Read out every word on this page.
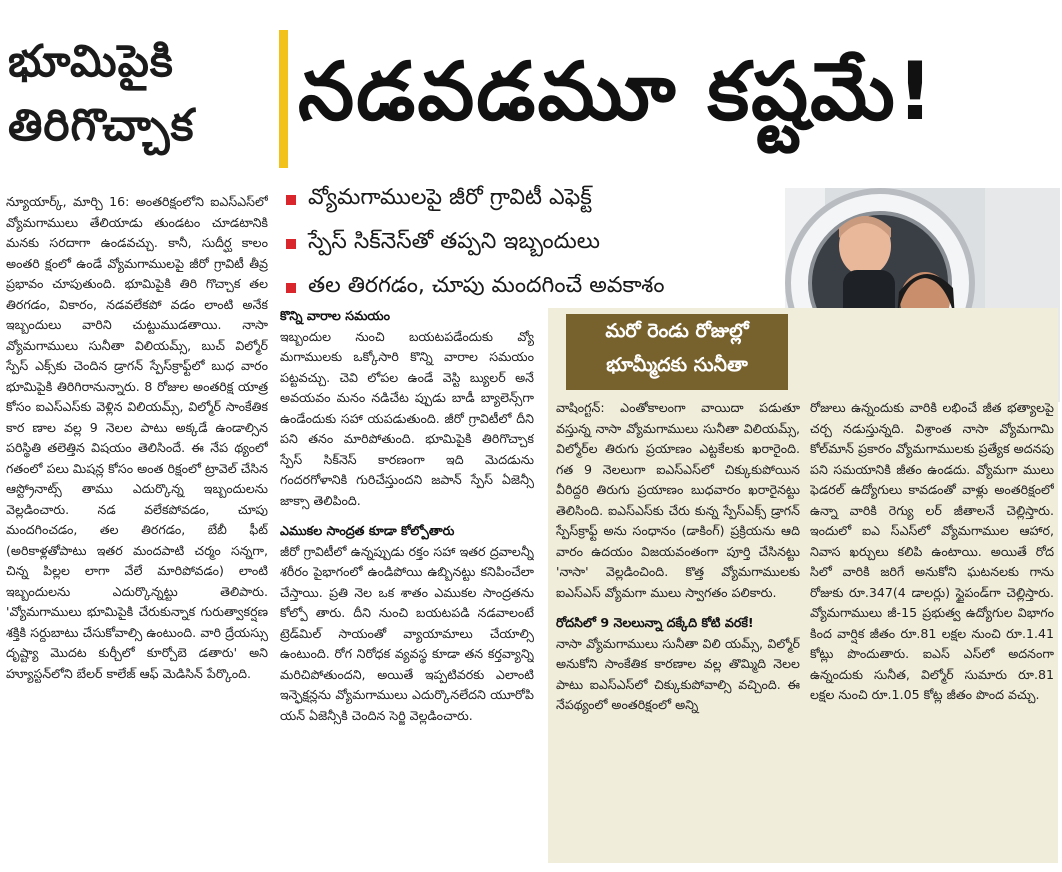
భూమిపైకి
తిరిగొచ్చాక	నడవడమూ కష్టమే!
వ్యోమగాములపై జీరో గ్రావిటీ ఎఫెక్ట్
స్పేస్ సిక్‌నెస్‌తో తప్పని ఇబ్బందులు
తల తిరగడం, చూపు మందగించే అవకాశం
న్యూయార్క్, మార్చి 16: అంతరిక్షంలోని ఐఎస్ఎస్‌లో వ్యోమగాములు తేలియాడు తుండటం చూడటానికి మనకు సరదాగా ఉండవచ్చు. కానీ, సుదీర్ఘ కాలం అంతరి క్షంలో ఉండే వ్యోమగాములపై జీరో గ్రావిటీ తీవ్ర ప్రభావం చూపుతుంది. భూమిపైకి తిరి గొచ్చాక తల తిరగడం, వికారం, నడవలేకపో వడం లాంటి అనేక ఇబ్బందులు వారిని చుట్టుముడతాయి. నాసా వ్యోమగాములు సునీతా విలియమ్స్, బుచ్ విల్మోర్ స్పేస్ ఎక్స్‌కు చెందిన డ్రాగన్ స్పేస్‌క్రాఫ్ట్‌లో బుధ వారం భూమిపైకి తిరిగిరానున్నారు. 8 రోజుల అంతరిక్ష యాత్ర కోసం ఐఎస్ఎస్‌కు వెళ్లిన విలియమ్స్, విల్మోర్ సాంకేతిక కార ణాల వల్ల 9 నెలల పాటు అక్కడే ఉండాల్సిన పరిస్థితి తలెత్తిన విషయం తెలిసిందే. ఈ నేప థ్యంలో గతంలో పలు మిషన్ల కోసం అంత రిక్షంలో ట్రావెల్ చేసిన ఆస్ట్రోనాట్స్ తాము ఎదుర్కొన్న ఇబ్బందులను వెల్లడించారు. నడ వలేకపోవడం, చూపు మందగించడం, తల తిరగడం, బేబీ ఫీట్ (అరికాళ్లతోపాటు ఇతర మందపాటి చర్మం సన్నగా, చిన్న పిల్లల లాగా వేలే మారిపోవడం) లాంటి ఇబ్బందులను ఎదుర్కొన్నట్టు తెలిపారు. 'వ్యోమగాములు భూమిపైకి చేరుకున్నాక గురుత్వాకర్షణ శక్తికి సర్దుబాటు చేసుకోవాల్సి ఉంటుంది. వారి ద్రేయస్సు దృష్ట్యా మొదట కుర్చీలో కూర్చోబె డతారు' అని హ్యూస్టన్‌లోని బేలర్ కాలేజ్ ఆఫ్ మెడిసిన్ పేర్కొంది.
కొన్ని వారాల సమయం
ఇబ్బందుల నుంచి బయటపడేందుకు వ్యో మగాములకు ఒక్కోసారి కొన్ని వారాల సమయం పట్టవచ్చు. చెవి లోపల ఉండే వెస్టి బ్యులర్ అనే అవయవం మనం నడిచేట ప్పుడు బాడీ బ్యాలెన్స్‌గా ఉండేందుకు సహా యపడుతుంది. జీరో గ్రావిటీలో దీని పని తనం మారిపోతుంది. భూమిపైకి తిరిగొచ్చాక స్పేస్ సిక్‌నెస్ కారణంగా ఇది మెదడును గందరగోళానికి గురిచేస్తుందని జపాన్ స్పేస్ ఏజెన్సీ జాక్సా తెలిపింది.
ఎముకల సాంద్రత కూడా కోల్పోతారు
జీరో గ్రావిటీలో ఉన్నప్పుడు రక్తం సహా ఇతర ద్రవాలన్నీ శరీరం పైభాగంలో ఉండిపోయి ఉబ్బినట్టు కనిపించేలా చేస్తాయి. ప్రతి నెల ఒక శాతం ఎముకల సాంద్రతను కోల్పో తారు. దీని నుంచి బయటపడి నడవాలంటే ట్రెడ్‌మిల్ సాయంతో వ్యాయామాలు చేయాల్సి ఉంటుంది. రోగ నిరోధక వ్యవస్థ కూడా తన కర్తవ్యాన్ని మరిచిపోతుందని, అయితే ఇప్పటివరకు ఎలాంటి ఇన్ఫెక్షన్లను వ్యోమగాములు ఎదుర్కొనలేదని యూరోపి యన్ ఏజెన్సీకి చెందిన సెర్జి వెల్లడించారు.
మరో రెండు రోజుల్లో
భూమ్మీదకు సునీతా
వాషింగ్టన్: ఎంతోకాలంగా వాయిదా పడుతూ వస్తున్న నాసా వ్యోమగాములు సునీతా విలియమ్స్, విల్మోర్‌ల తిరుగు ప్రయాణం ఎట్టకేలకు ఖరారైంది. గత 9 నెలలుగా ఐఎస్ఎస్‌లో చిక్కుకుపోయిన వీరిద్దరి తిరుగు ప్రయాణం బుధవారం ఖరారైనట్టు తెలిసింది. ఐఎస్ఎస్‌కు చేరు కున్న స్పేస్ఎక్స్ డ్రాగన్ స్పేస్‌క్రాఫ్ట్ అను సంధానం (డాకింగ్) ప్రక్రియను ఆది వారం ఉదయం విజయవంతంగా పూర్తి చేసినట్టు 'నాసా' వెల్లడించింది. కొత్త వ్యోమగాములకు ఐఎస్ఎస్ వ్యోమగా ములు స్వాగతం పలికారు.
రోదసిలో 9 నెలలున్నా దక్కేది కోటి వరకే!
నాసా వ్యోమగాములు సునీతా విలి యమ్స్, విల్మోర్ అనుకోని సాంకేతిక కారణాల వల్ల తొమ్మిది నెలల పాటు ఐఎస్ఎస్‌లో చిక్కుకుపోవాల్సి వచ్చింది. ఈ నేపథ్యంలో అంతరిక్షంలో అన్ని
రోజులు ఉన్నందుకు వారికి లభించే జీత భత్యాలపై చర్చ నడుస్తున్నది. విశ్రాంత నాసా వ్యోమగామి కోల్‌మాన్ ప్రకారం వ్యోమగాములకు ప్రత్యేక అదనపు పని సమయానికి జీతం ఉండదు. వ్యోమగా ములు ఫెడరల్ ఉద్యోగులు కావడంతో వాళ్లు అంతరిక్షంలో ఉన్నా వారికి రెగ్యు లర్ జీతాలనే చెల్లిస్తారు. ఇందులో ఐఎ స్ఎస్‌లో వ్యోమగాముల ఆహార, నివాస ఖర్చులు కలిపి ఉంటాయి. అయితే రోద సిలో వారికి జరిగే అనుకోని ఘటనలకు గాను రోజుకు రూ.347(4 డాలర్లు) స్టైపండ్‌గా చెల్లిస్తారు. వ్యోమగాములు జీ-15 ప్రభుత్వ ఉద్యోగుల విభాగం కింద వార్షిక జీతం రూ.81 లక్షల నుంచి రూ.1.41 కోట్లు పొందుతారు. ఐఎస్ ఎస్‌లో అదనంగా ఉన్నందుకు సునీత, విల్మోర్ సుమారు రూ.81 లక్షల నుంచి రూ.1.05 కోట్ల జీతం పొంద వచ్చు.
